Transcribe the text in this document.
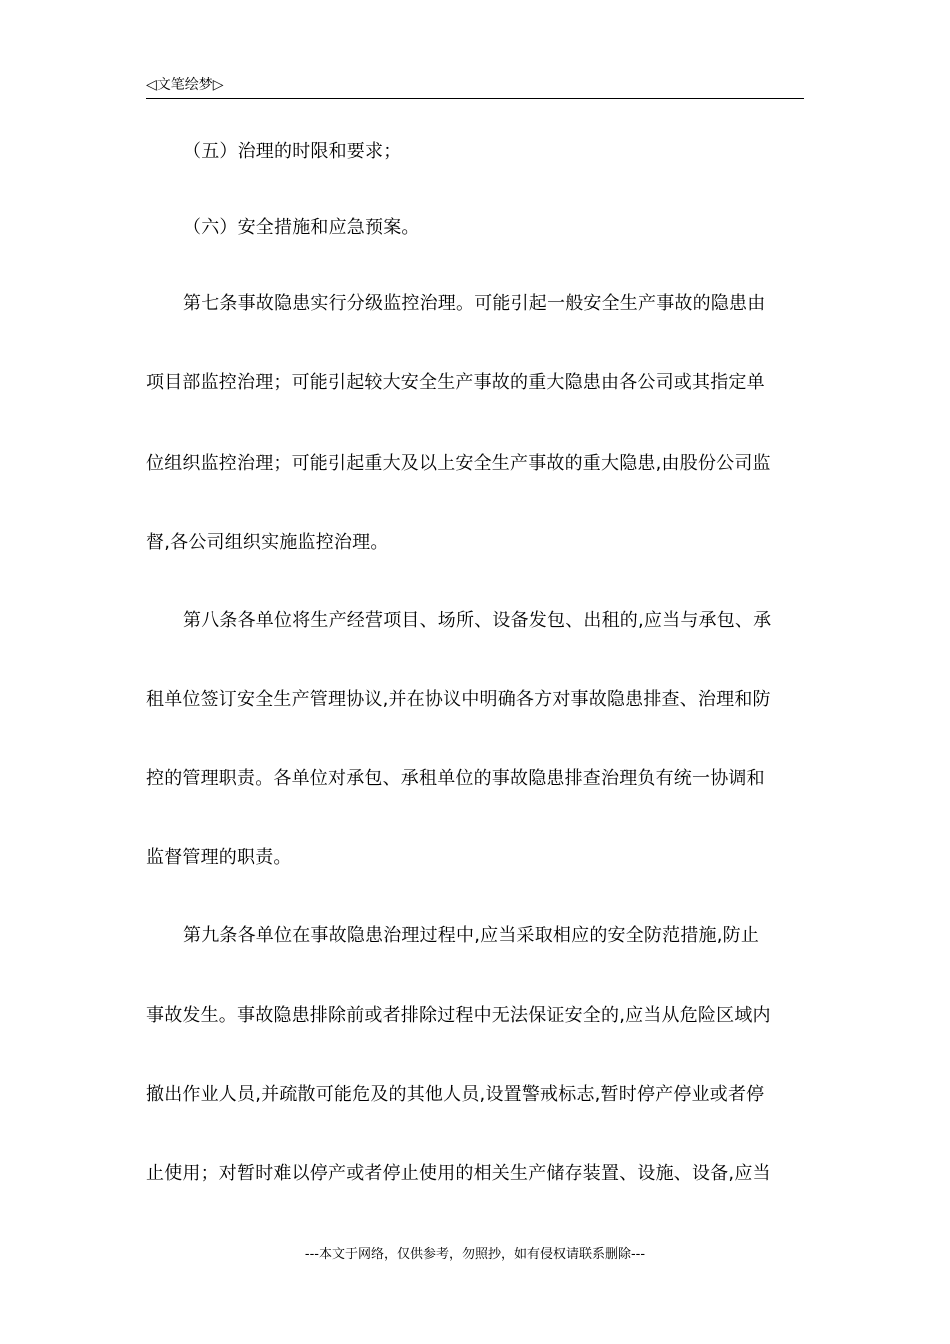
◁文笔绘梦▷
（五）治理的时限和要求；
（六）安全措施和应急预案。
第七条事故隐患实行分级监控治理。可能引起一般安全生产事故的隐患由
项目部监控治理；可能引起较大安全生产事故的重大隐患由各公司或其指定单
位组织监控治理；可能引起重大及以上安全生产事故的重大隐患,由股份公司监
督,各公司组织实施监控治理。
第八条各单位将生产经营项目、场所、设备发包、出租的,应当与承包、承
租单位签订安全生产管理协议,并在协议中明确各方对事故隐患排查、治理和防
控的管理职责。各单位对承包、承租单位的事故隐患排查治理负有统一协调和
监督管理的职责。
第九条各单位在事故隐患治理过程中,应当采取相应的安全防范措施,防止
事故发生。事故隐患排除前或者排除过程中无法保证安全的,应当从危险区域内
撤出作业人员,并疏散可能危及的其他人员,设置警戒标志,暂时停产停业或者停
止使用；对暂时难以停产或者停止使用的相关生产储存装置、设施、设备,应当
---本文于网络，仅供参考，勿照抄，如有侵权请联系删除---
